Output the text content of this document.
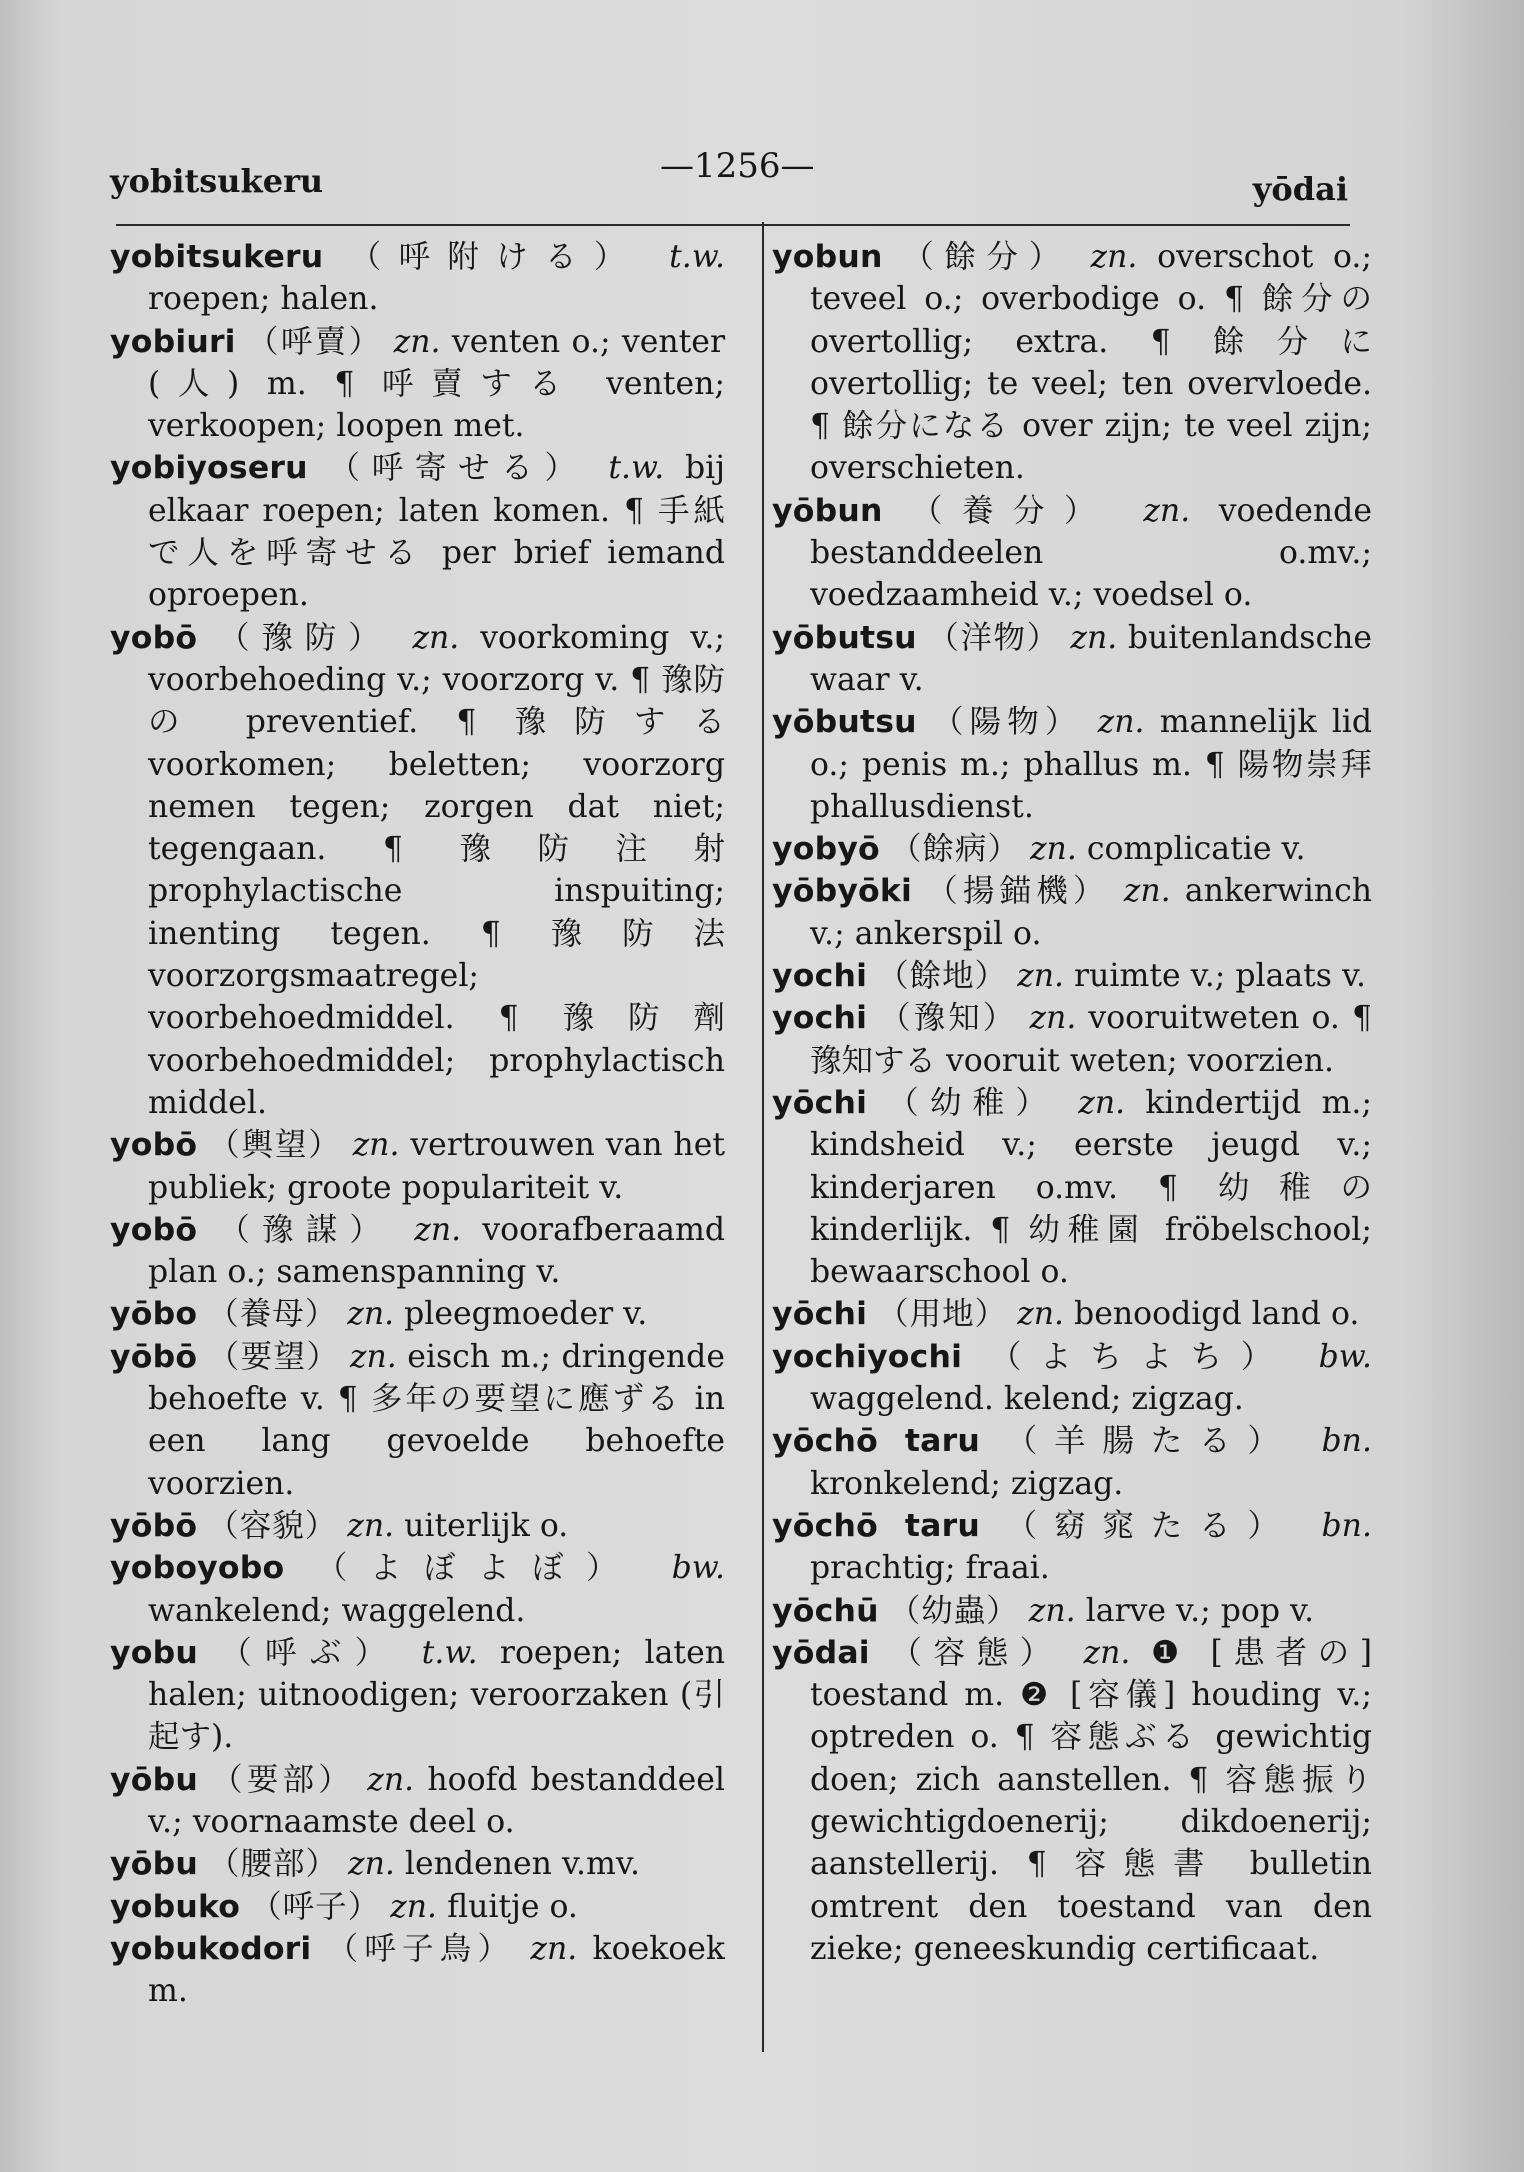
yobitsukeru	—1256—
yōdai

yobitsukeru （呼附ける） t.w. roepen; halen.

yobiuri （呼賣） zn. venten o.; venter (人) m. ¶ 呼賣する venten; verkoopen; loopen met.

yobiyoseru （呼寄せる） t.w. bij elkaar roepen; laten komen. ¶ 手紙で人を呼寄せる per brief iemand oproepen.

yobō （豫防） zn. voorkoming v.; voorbehoeding v.; voorzorg v. ¶ 豫防の preventief. ¶ 豫防する voorkomen; beletten; voorzorg nemen tegen; zorgen dat niet; tegengaan. ¶ 豫防注射 prophylactische inspuiting; inenting tegen. ¶ 豫防法 voorzorgsmaatregel; voorbehoedmiddel. ¶ 豫防劑 voorbehoedmiddel; prophylactisch middel.

yobō （輿望） zn. vertrouwen van het publiek; groote populariteit v.

yobō （豫謀） zn. voorafberaamd plan o.; samenspanning v.

yōbo （養母） zn. pleegmoeder v.

yōbō （要望） zn. eisch m.; dringende behoefte v. ¶ 多年の要望に應ずる in een lang gevoelde behoefte voorzien.

yōbō （容貌） zn. uiterlijk o.

yoboyobo （よぼよぼ） bw. wankelend; waggelend.

yobu （呼ぶ） t.w. roepen; laten halen; uitnoodigen; veroorzaken (引起す).

yōbu （要部） zn. hoofd bestanddeel v.; voornaamste deel o.

yōbu （腰部） zn. lendenen v.mv.

yobuko （呼子） zn. fluitje o.

yobukodori （呼子鳥） zn. koekoek m.

yobun （餘分） zn. overschot o.; teveel o.; overbodige o. ¶ 餘分の overtollig; extra. ¶ 餘分に overtollig; te veel; ten overvloede. ¶ 餘分になる over zijn; te veel zijn; overschieten.

yōbun （養分） zn. voedende bestanddeelen o.mv.; voedzaamheid v.; voedsel o.

yōbutsu （洋物） zn. buitenlandsche waar v.

yōbutsu （陽物） zn. mannelijk lid o.; penis m.; phallus m. ¶ 陽物崇拜 phallusdienst.

yobyō （餘病） zn. complicatie v.

yōbyōki （揚錨機） zn. ankerwinch v.; ankerspil o.

yochi （餘地） zn. ruimte v.; plaats v.

yochi （豫知） zn. vooruitweten o. ¶ 豫知する vooruit weten; voorzien.

yōchi （幼稚） zn. kindertijd m.; kindsheid v.; eerste jeugd v.; kinderjaren o.mv. ¶ 幼稚の kinderlijk. ¶ 幼稚園 fröbelschool; bewaarschool o.

yōchi （用地） zn. benoodigd land o.

yochiyochi （よちよち） bw. waggelend. kelend; zigzag.

yōchō taru （羊腸たる） bn. kronkelend; zigzag.

yōchō taru （窈窕たる） bn. prachtig; fraai.

yōchū （幼蟲） zn. larve v.; pop v.

yōdai （容態） zn. ❶ [患者の] toestand m. ❷ [容儀] houding v.; optreden o. ¶ 容態ぶる gewichtig doen; zich aanstellen. ¶ 容態振り gewichtigdoenerij; dikdoenerij; aanstellerij. ¶ 容態書 bulletin omtrent den toestand van den zieke; geneeskundig certificaat.
